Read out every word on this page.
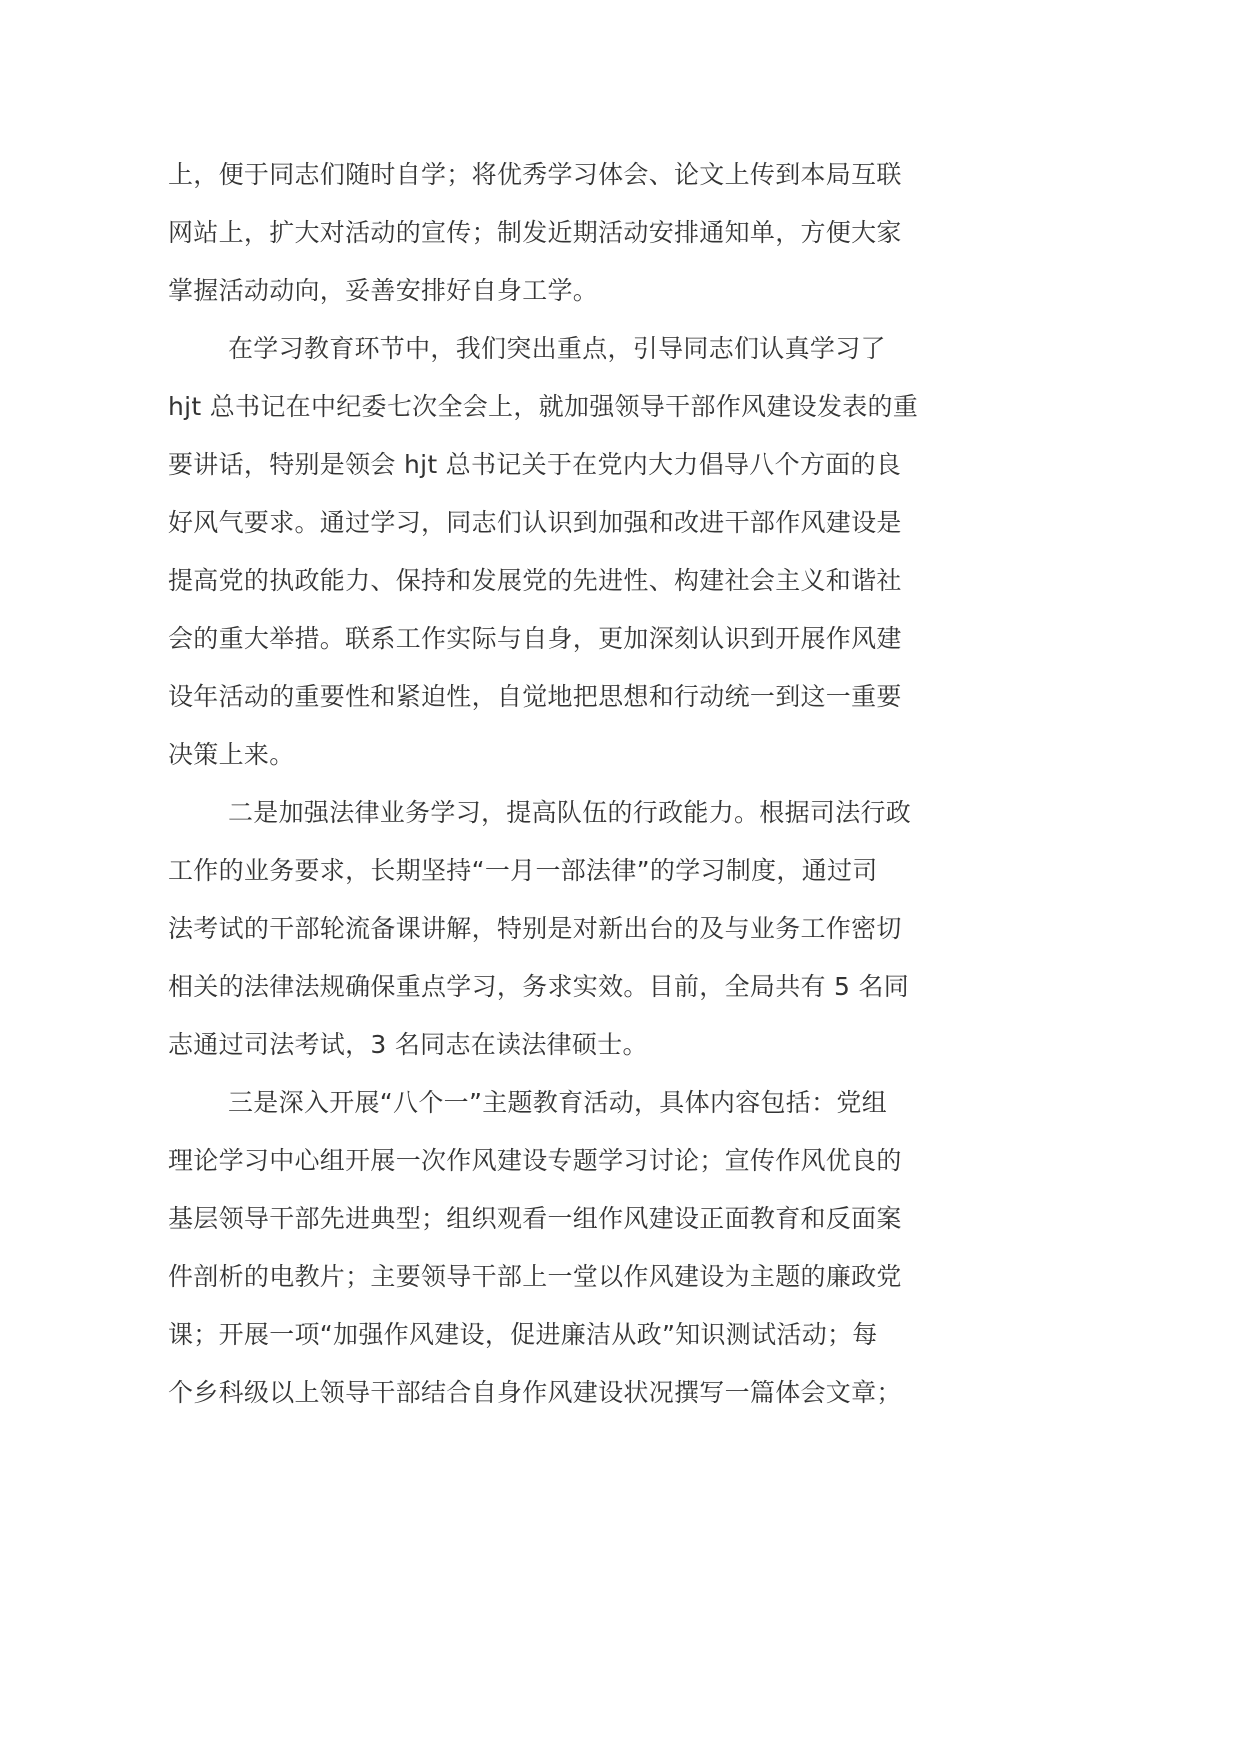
上，便于同志们随时自学；将优秀学习体会、论文上传到本局互联
网站上，扩大对活动的宣传；制发近期活动安排通知单，方便大家
掌握活动动向，妥善安排好自身工学。
在学习教育环节中，我们突出重点，引导同志们认真学习了
hjt 总书记在中纪委七次全会上，就加强领导干部作风建设发表的重
要讲话，特别是领会 hjt 总书记关于在党内大力倡导八个方面的良
好风气要求。通过学习，同志们认识到加强和改进干部作风建设是
提高党的执政能力、保持和发展党的先进性、构建社会主义和谐社
会的重大举措。联系工作实际与自身，更加深刻认识到开展作风建
设年活动的重要性和紧迫性，自觉地把思想和行动统一到这一重要
决策上来。
二是加强法律业务学习，提高队伍的行政能力。根据司法行政
工作的业务要求，长期坚持“一月一部法律”的学习制度，通过司
法考试的干部轮流备课讲解，特别是对新出台的及与业务工作密切
相关的法律法规确保重点学习，务求实效。目前，全局共有 5 名同
志通过司法考试，3 名同志在读法律硕士。
三是深入开展“八个一”主题教育活动，具体内容包括：党组
理论学习中心组开展一次作风建设专题学习讨论；宣传作风优良的
基层领导干部先进典型；组织观看一组作风建设正面教育和反面案
件剖析的电教片；主要领导干部上一堂以作风建设为主题的廉政党
课；开展一项“加强作风建设，促进廉洁从政”知识测试活动；每
个乡科级以上领导干部结合自身作风建设状况撰写一篇体会文章；
